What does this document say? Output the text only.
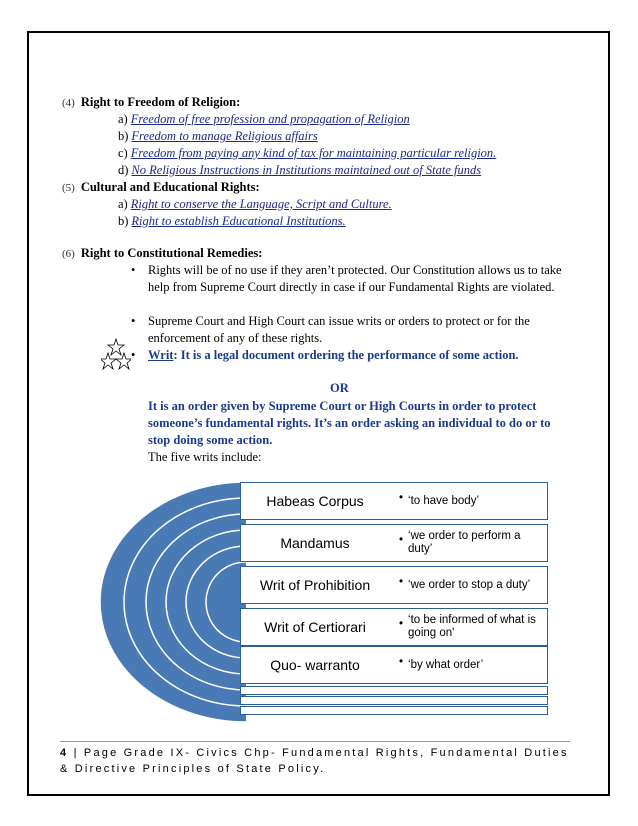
(4) Right to Freedom of Religion:
a) Freedom of free profession and propagation of Religion
b) Freedom to manage Religious affairs
c) Freedom from paying any kind of tax for maintaining particular religion.
d) No Religious Instructions in Institutions maintained out of State funds
(5) Cultural and Educational Rights:
a) Right to conserve the Language, Script and Culture.
b) Right to establish Educational Institutions.
(6) Right to Constitutional Remedies:
• Rights will be of no use if they aren’t protected. Our Constitution allows us to take help from Supreme Court directly in case if our Fundamental Rights are violated.
• Supreme Court and High Court can issue writs or orders to protect or for the enforcement of any of these rights.
• Writ: It is a legal document ordering the performance of some action.
OR
It is an order given by Supreme Court or High Courts in order to protect someone’s fundamental rights. It’s an order asking an individual to do or to stop doing some action.
The five writs include:
Habeas Corpus	• ‘to have body’
Mandamus	• ‘we order to perform a duty’
Writ of Prohibition	• ‘we order to stop a duty’
Writ of Certiorari	• ‘to be informed of what is going on'
Quo- warranto	• ‘by what order’
4 | Page Grade IX- Civics Chp- Fundamental Rights, Fundamental Duties & Directive Principles of State Policy.
